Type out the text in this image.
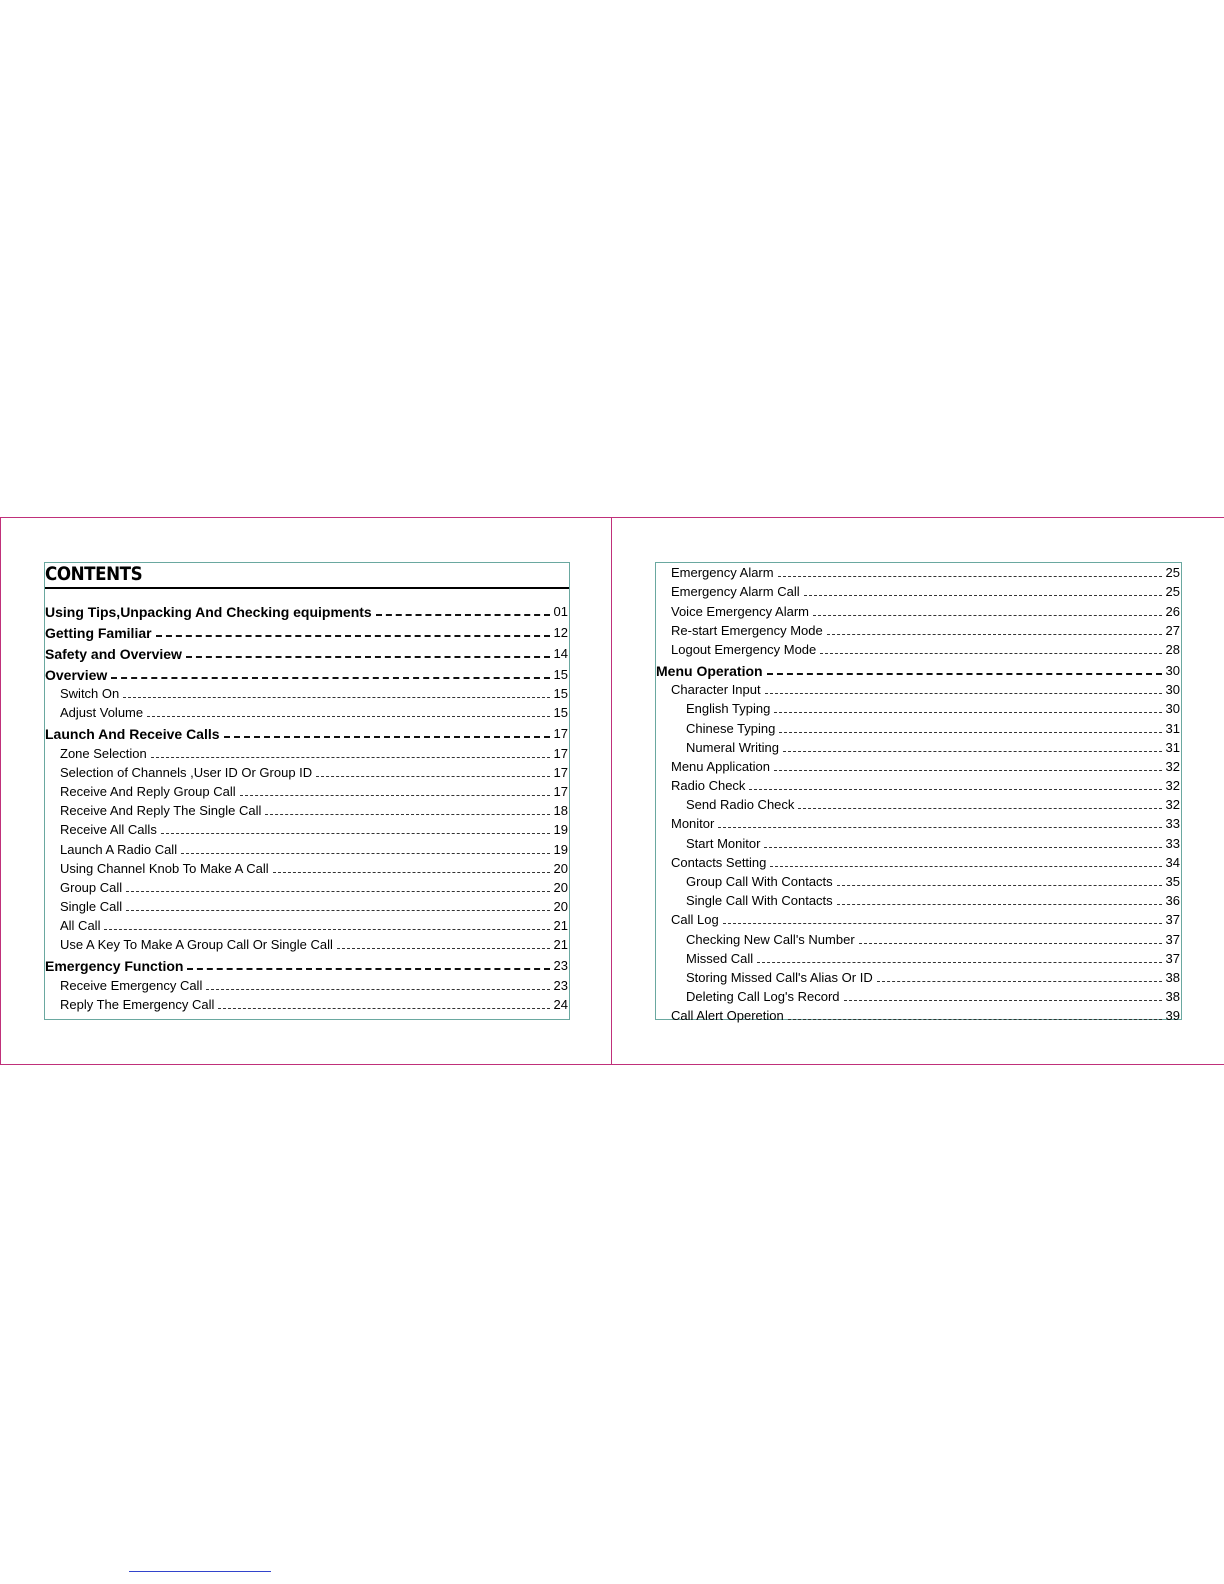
CONTENTS
Using Tips,Unpacking And Checking equipments	01
Getting Familiar	12
Safety and Overview	14
Overview	15
Switch On	15
Adjust Volume	15
Launch And Receive Calls	17
Zone Selection	17
Selection of Channels ,User ID Or Group ID	17
Receive And Reply Group Call	17
Receive And Reply The Single Call	18
Receive All Calls	19
Launch A Radio Call	19
Using Channel Knob To Make A Call	20
Group Call	20
Single Call	20
All Call	21
Use A Key To Make A Group Call Or Single Call	21
Emergency Function	23
Receive Emergency Call	23
Reply The Emergency Call	24
Emergency Alarm	25
Emergency Alarm Call	25
Voice Emergency Alarm	26
Re-start Emergency Mode	27
Logout Emergency Mode	28
Menu Operation	30
Character Input	30
English Typing	30
Chinese Typing	31
Numeral Writing	31
Menu Application	32
Radio Check	32
Send Radio Check	32
Monitor	33
Start Monitor	33
Contacts Setting	34
Group Call With Contacts	35
Single Call With Contacts	36
Call Log	37
Checking New Call's Number	37
Missed Call	37
Storing Missed Call's Alias Or ID	38
Deleting Call Log's Record	38
Call Alert Operetion	39
